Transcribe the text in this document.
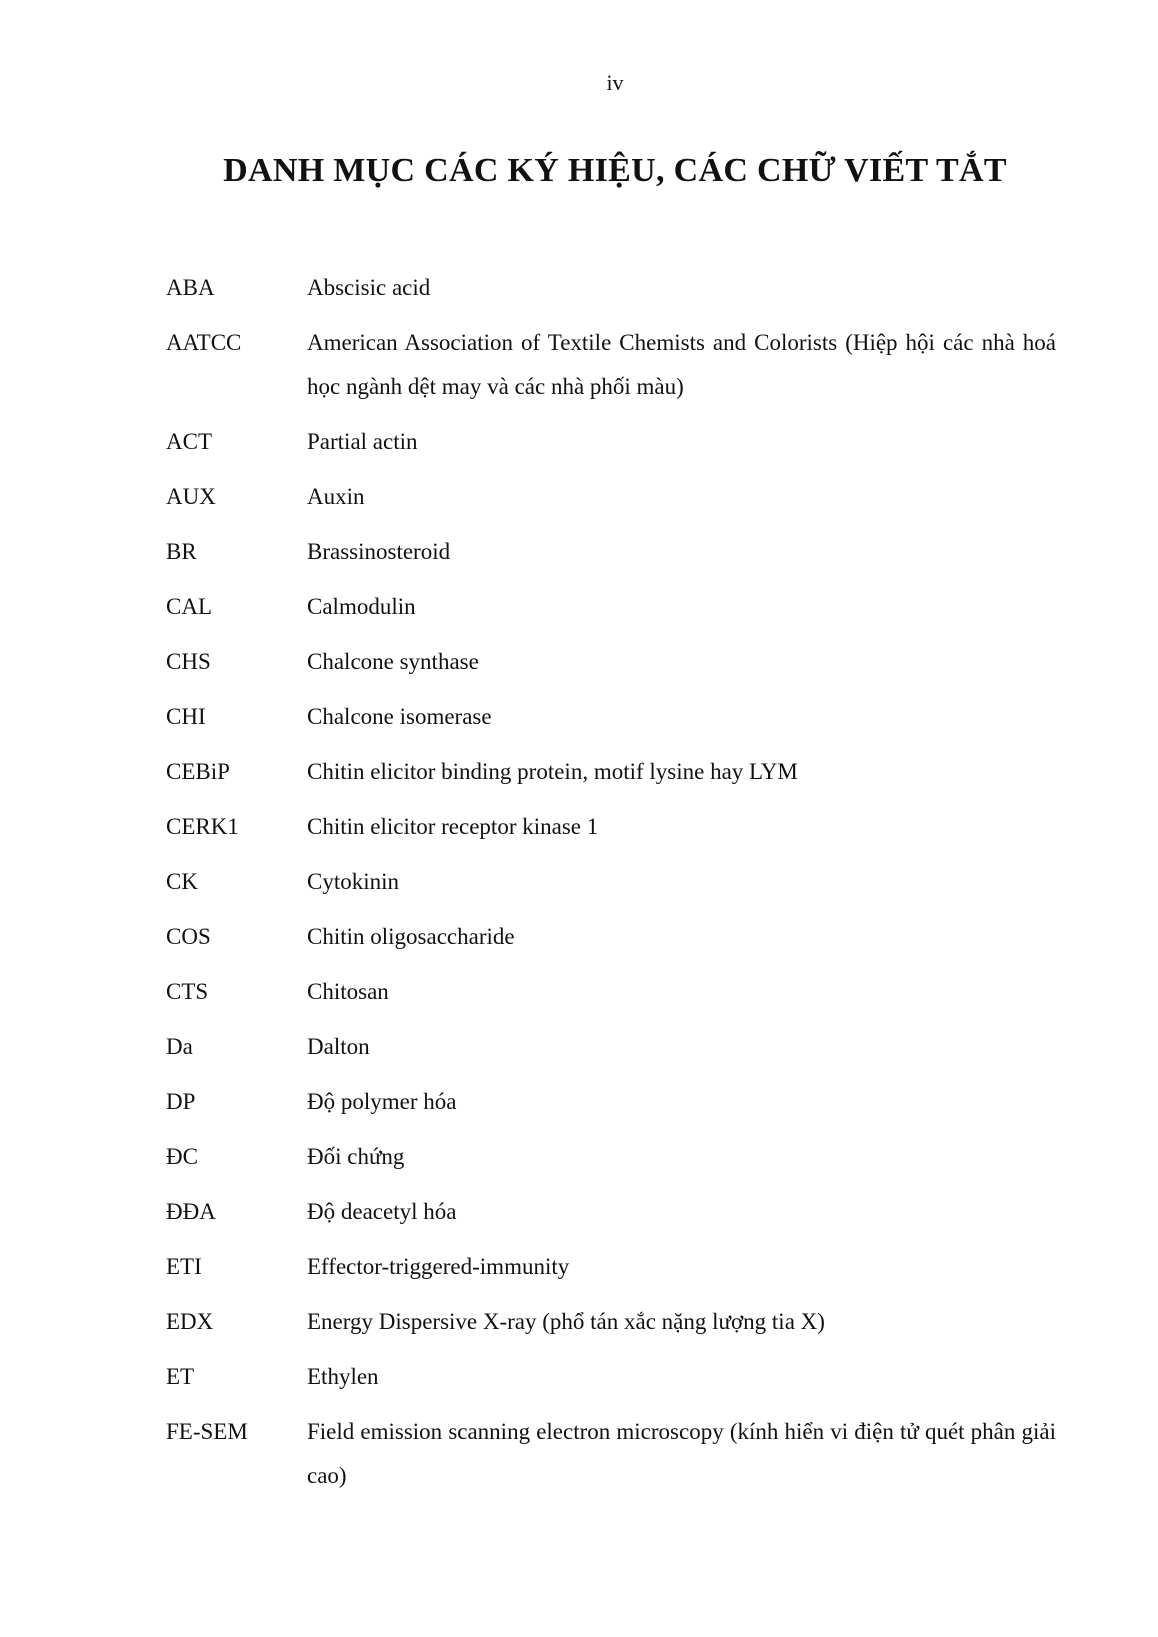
iv
DANH MỤC CÁC KÝ HIỆU, CÁC CHỮ VIẾT TẮT
ABA	Abscisic acid
AATCC	American Association of Textile Chemists and Colorists (Hiệp hội các nhà hoá học ngành dệt may và các nhà phối màu)
ACT	Partial actin
AUX	Auxin
BR	Brassinosteroid
CAL	Calmodulin
CHS	Chalcone synthase
CHI	Chalcone isomerase
CEBiP	Chitin elicitor binding protein, motif lysine hay LYM
CERK1	Chitin elicitor receptor kinase 1
CK	Cytokinin
COS	Chitin oligosaccharide
CTS	Chitosan
Da	Dalton
DP	Độ polymer hóa
ĐC	Đối chứng
ĐĐA	Độ deacetyl hóa
ETI	Effector-triggered-immunity
EDX	Energy Dispersive X-ray (phổ tán xắc nặng lượng tia X)
ET	Ethylen
FE-SEM	Field emission scanning electron microscopy (kính hiển vi điện tử quét phân giải cao)
